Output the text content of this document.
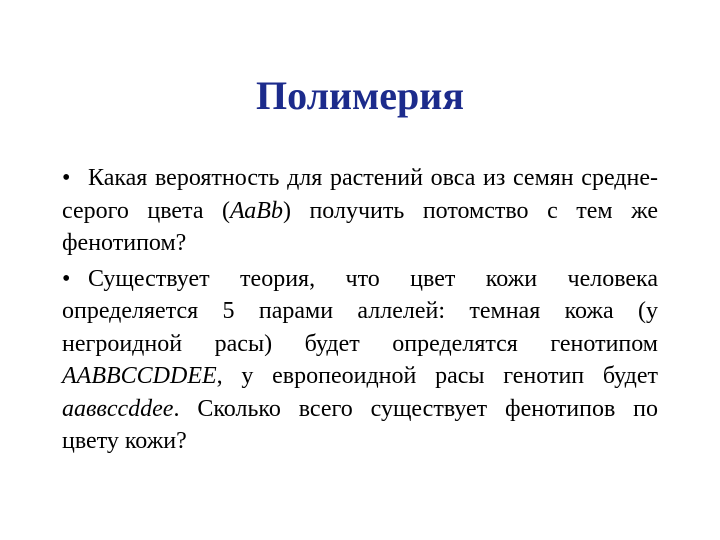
Полимерия

• Какая вероятность для растений овса из семян средне-серого цвета (АаВb) получить потомство с тем же фенотипом?

• Существует теория, что цвет кожи человека определяется 5 парами аллелей: темная кожа (у негроидной расы) будет определятся генотипом AABBCCDDEE, у европеоидной расы генотип будет aaввccddee. Сколько всего существует фенотипов по цвету кожи?
